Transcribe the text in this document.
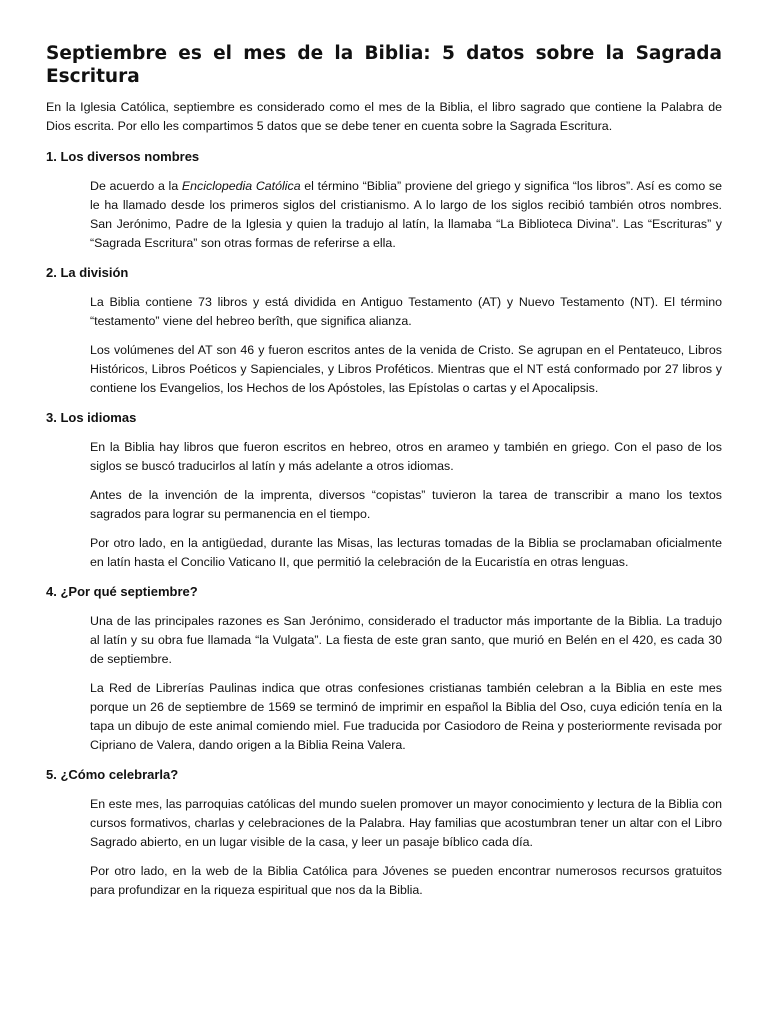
Septiembre es el mes de la Biblia: 5 datos sobre la Sagrada Escritura

En la Iglesia Católica, septiembre es considerado como el mes de la Biblia, el libro sagrado que contiene la Palabra de Dios escrita. Por ello les compartimos 5 datos que se debe tener en cuenta sobre la Sagrada Escritura.

1. Los diversos nombres

De acuerdo a la Enciclopedia Católica el término “Biblia” proviene del griego y significa “los libros”. Así es como se le ha llamado desde los primeros siglos del cristianismo. A lo largo de los siglos recibió también otros nombres. San Jerónimo, Padre de la Iglesia y quien la tradujo al latín, la llamaba “La Biblioteca Divina”. Las “Escrituras” y “Sagrada Escritura” son otras formas de referirse a ella.

2. La división

La Biblia contiene 73 libros y está dividida en Antiguo Testamento (AT) y Nuevo Testamento (NT). El término “testamento” viene del hebreo berîth, que significa alianza.

Los volúmenes del AT son 46 y fueron escritos antes de la venida de Cristo. Se agrupan en el Pentateuco, Libros Históricos, Libros Poéticos y Sapienciales, y Libros Proféticos. Mientras que el NT está conformado por 27 libros y contiene los Evangelios, los Hechos de los Apóstoles, las Epístolas o cartas y el Apocalipsis.

3. Los idiomas

En la Biblia hay libros que fueron escritos en hebreo, otros en arameo y también en griego. Con el paso de los siglos se buscó traducirlos al latín y más adelante a otros idiomas.

Antes de la invención de la imprenta, diversos “copistas” tuvieron la tarea de transcribir a mano los textos sagrados para lograr su permanencia en el tiempo.

Por otro lado, en la antigüedad, durante las Misas, las lecturas tomadas de la Biblia se proclamaban oficialmente en latín hasta el Concilio Vaticano II, que permitió la celebración de la Eucaristía en otras lenguas.

4. ¿Por qué septiembre?

Una de las principales razones es San Jerónimo, considerado el traductor más importante de la Biblia. La tradujo al latín y su obra fue llamada “la Vulgata”. La fiesta de este gran santo, que murió en Belén en el 420, es cada 30 de septiembre.

La Red de Librerías Paulinas indica que otras confesiones cristianas también celebran a la Biblia en este mes porque un 26 de septiembre de 1569 se terminó de imprimir en español la Biblia del Oso, cuya edición tenía en la tapa un dibujo de este animal comiendo miel. Fue traducida por Casiodoro de Reina y posteriormente revisada por Cipriano de Valera, dando origen a la Biblia Reina Valera.

5. ¿Cómo celebrarla?

En este mes, las parroquias católicas del mundo suelen promover un mayor conocimiento y lectura de la Biblia con cursos formativos, charlas y celebraciones de la Palabra. Hay familias que acostumbran tener un altar con el Libro Sagrado abierto, en un lugar visible de la casa, y leer un pasaje bíblico cada día.

Por otro lado, en la web de la Biblia Católica para Jóvenes se pueden encontrar numerosos recursos gratuitos para profundizar en la riqueza espiritual que nos da la Biblia.
